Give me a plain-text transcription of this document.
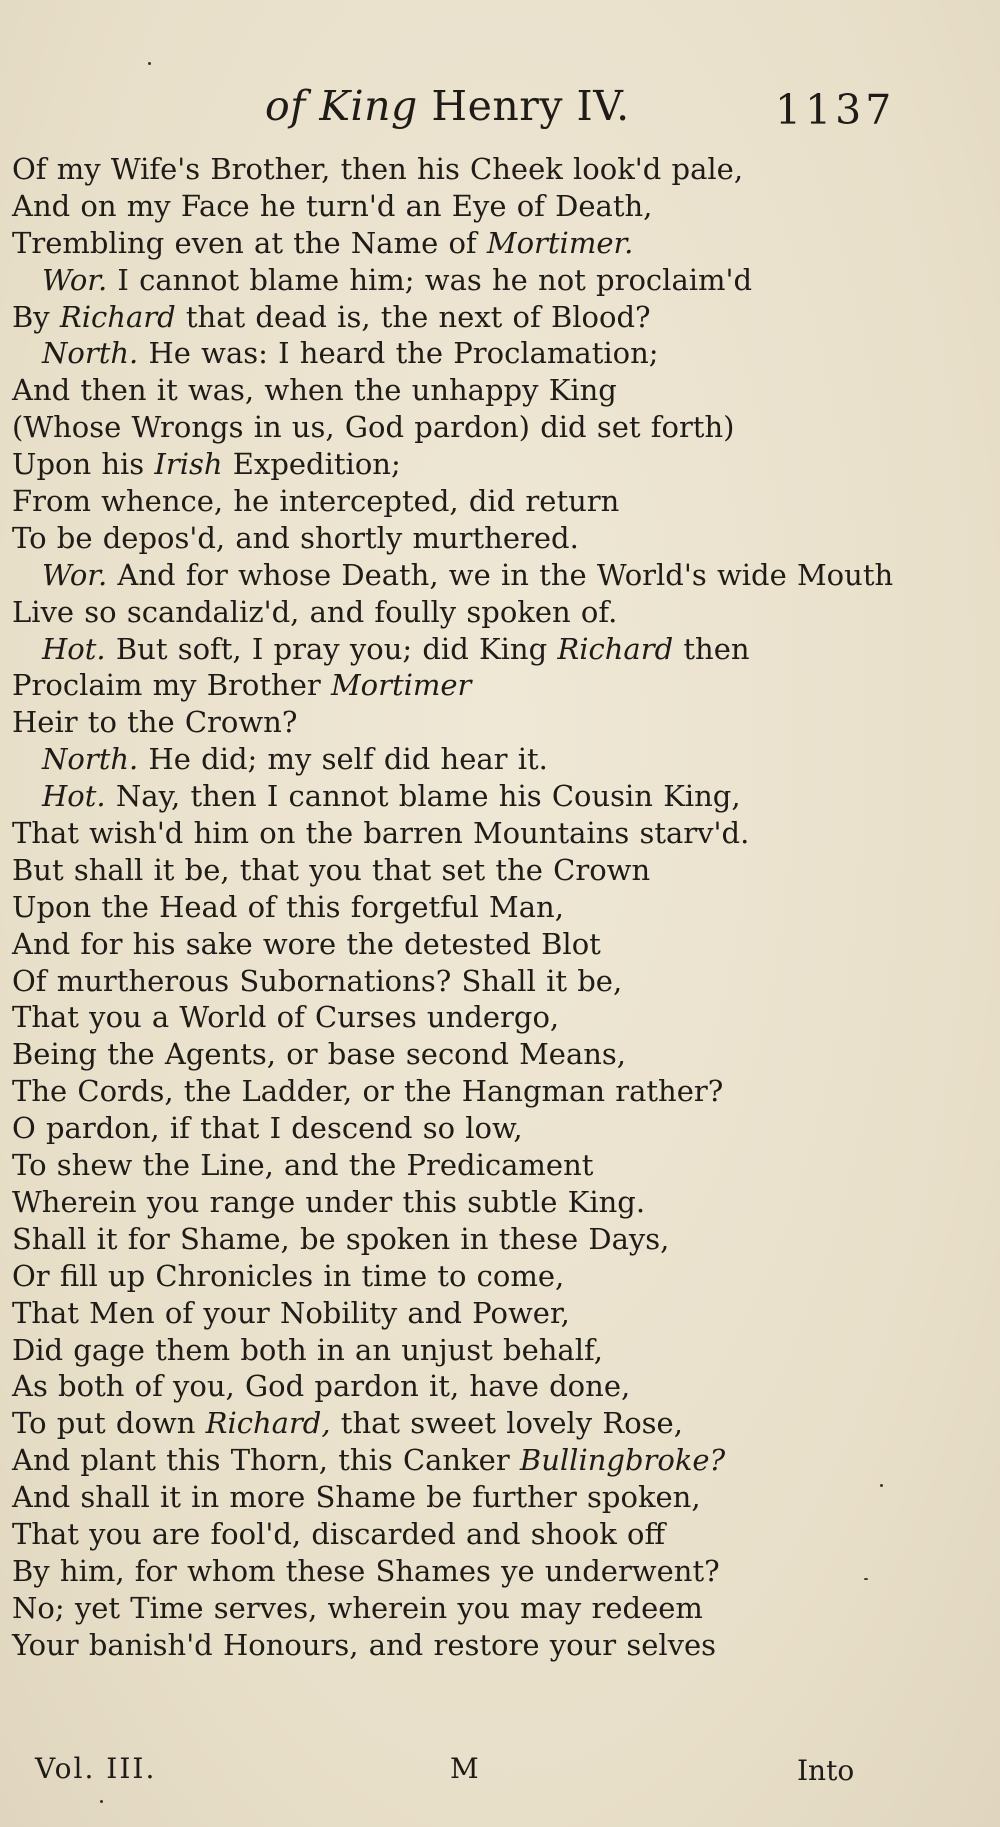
of King Henry IV.	1137
Of my Wife's Brother, then his Cheek look'd pale,
And on my Face he turn'd an Eye of Death,
Trembling even at the Name of Mortimer.
Wor. I cannot blame him; was he not proclaim'd
By Richard that dead is, the next of Blood?
North. He was: I heard the Proclamation;
And then it was, when the unhappy King
(Whose Wrongs in us, God pardon) did set forth)
Upon his Irish Expedition;
From whence, he intercepted, did return
To be depos'd, and shortly murthered.
Wor. And for whose Death, we in the World's wide Mouth
Live so scandaliz'd, and foully spoken of.
Hot. But soft, I pray you; did King Richard then
Proclaim my Brother Mortimer
Heir to the Crown?
North. He did; my self did hear it.
Hot. Nay, then I cannot blame his Cousin King,
That wish'd him on the barren Mountains starv'd.
But shall it be, that you that set the Crown
Upon the Head of this forgetful Man,
And for his sake wore the detested Blot
Of murtherous Subornations? Shall it be,
That you a World of Curses undergo,
Being the Agents, or base second Means,
The Cords, the Ladder, or the Hangman rather?
O pardon, if that I descend so low,
To shew the Line, and the Predicament
Wherein you range under this subtle King.
Shall it for Shame, be spoken in these Days,
Or fill up Chronicles in time to come,
That Men of your Nobility and Power,
Did gage them both in an unjust behalf,
As both of you, God pardon it, have done,
To put down Richard, that sweet lovely Rose,
And plant this Thorn, this Canker Bullingbroke?
And shall it in more Shame be further spoken,
That you are fool'd, discarded and shook off
By him, for whom these Shames ye underwent?
No; yet Time serves, wherein you may redeem
Your banish'd Honours, and restore your selves
Vol. III.	M	Into
